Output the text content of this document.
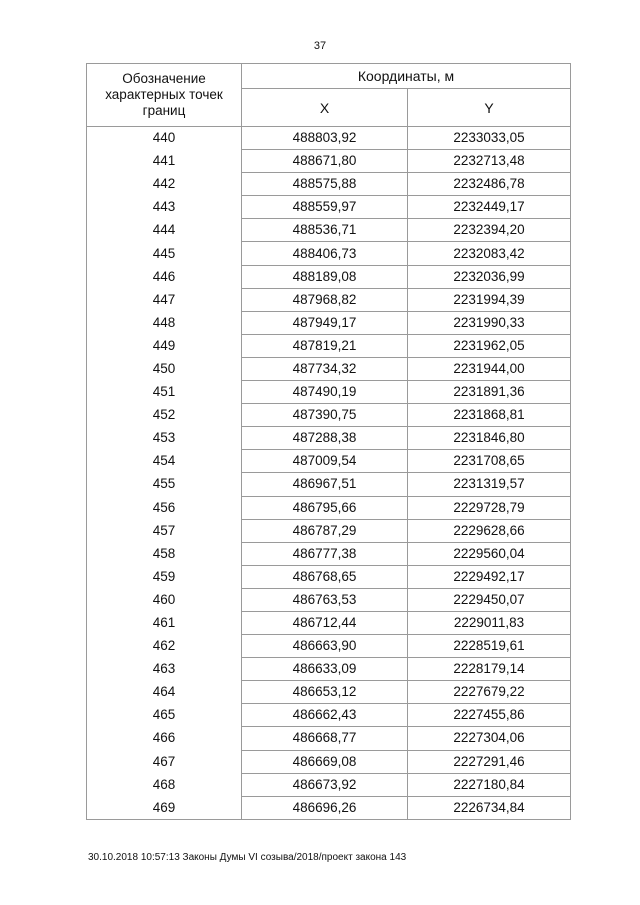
37
Обозначение характерных точек границ	Координаты, м	
	X	Y
440	488803,92	2233033,05
441	488671,80	2232713,48
442	488575,88	2232486,78
443	488559,97	2232449,17
444	488536,71	2232394,20
445	488406,73	2232083,42
446	488189,08	2232036,99
447	487968,82	2231994,39
448	487949,17	2231990,33
449	487819,21	2231962,05
450	487734,32	2231944,00
451	487490,19	2231891,36
452	487390,75	2231868,81
453	487288,38	2231846,80
454	487009,54	2231708,65
455	486967,51	2231319,57
456	486795,66	2229728,79
457	486787,29	2229628,66
458	486777,38	2229560,04
459	486768,65	2229492,17
460	486763,53	2229450,07
461	486712,44	2229011,83
462	486663,90	2228519,61
463	486633,09	2228179,14
464	486653,12	2227679,22
465	486662,43	2227455,86
466	486668,77	2227304,06
467	486669,08	2227291,46
468	486673,92	2227180,84
469	486696,26	2226734,84
30.10.2018 10:57:13 Законы Думы VI созыва/2018/проект закона 143
